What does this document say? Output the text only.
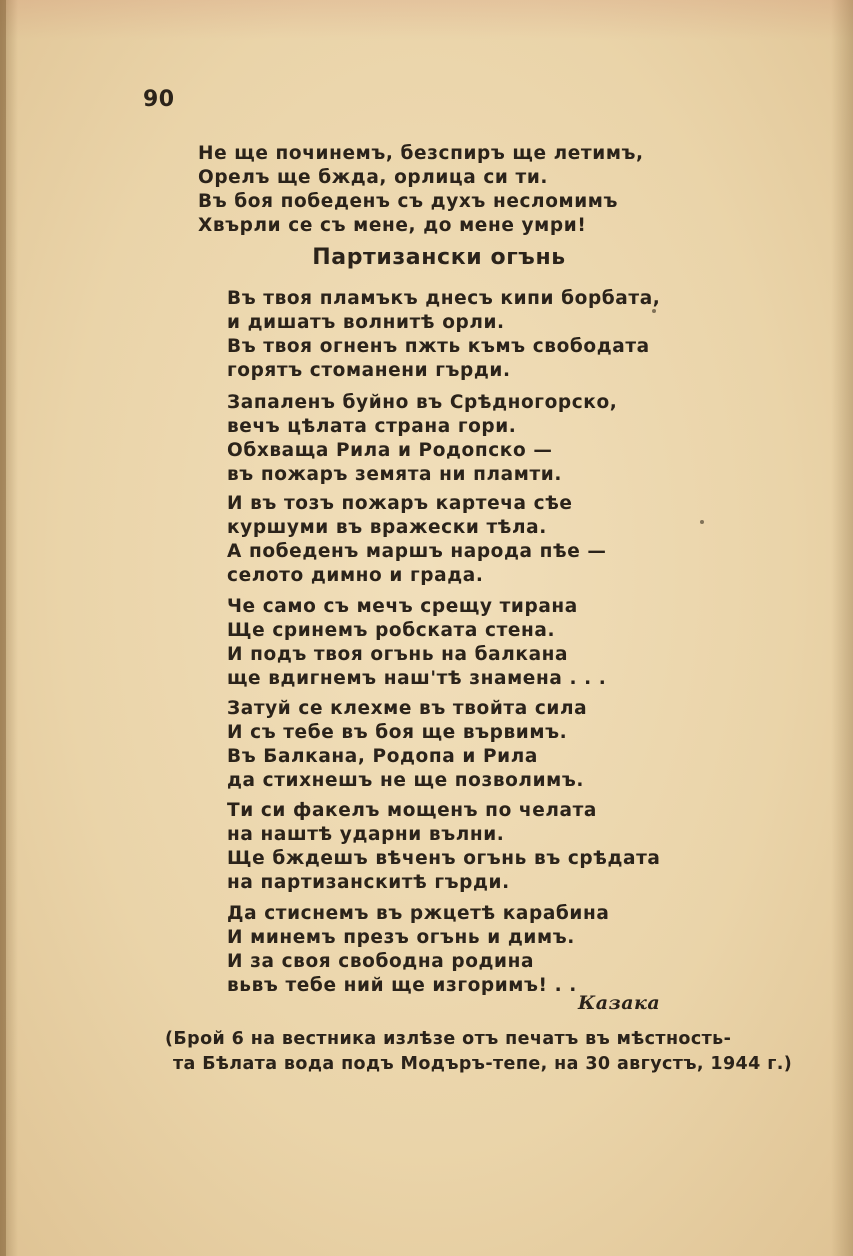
90
Не ще починемъ, безспиръ ще летимъ,
Орелъ ще бжда, орлица си ти.
Въ боя победенъ съ духъ несломимъ
Хвърли се съ мене, до мене умри!
Партизански огънь
Въ твоя пламъкъ днесъ кипи борбата,
и дишатъ волнитѣ орли.
Въ твоя огненъ пжть къмъ свободата
горятъ стоманени гърди.
Запаленъ буйно въ Срѣдногорско,
вечъ цѣлата страна гори.
Обхваща Рила и Родопско —
въ пожаръ земята ни пламти.
И въ тозъ пожаръ картеча сѣе
куршуми въ вражески тѣла.
А победенъ маршъ народа пѣе —
селото димно и града.
Че само съ мечъ срещу тирана
Ще сринемъ робската стена.
И подъ твоя огънь на балкана
ще вдигнемъ наш'тѣ знамена . . .
Затуй се клехме въ твойта сила
И съ тебе въ боя ще вървимъ.
Въ Балкана, Родопа и Рила
да стихнешъ не ще позволимъ.
Ти си факелъ мощенъ по челата
на наштѣ ударни вълни.
Ще бждешъ вѣченъ огънь въ срѣдата
на партизанскитѣ гърди.
Да стиснемъ въ ржцетѣ карабина
И минемъ презъ огънь и димъ.
И за своя свободна родина
вьвъ тебе ний ще изгоримъ! . .
Казака
(Брой 6 на вестника излѣзе отъ печатъ въ мѣстность-
та Бѣлата вода подъ Модъръ-тепе, на 30 августъ, 1944 г.)
